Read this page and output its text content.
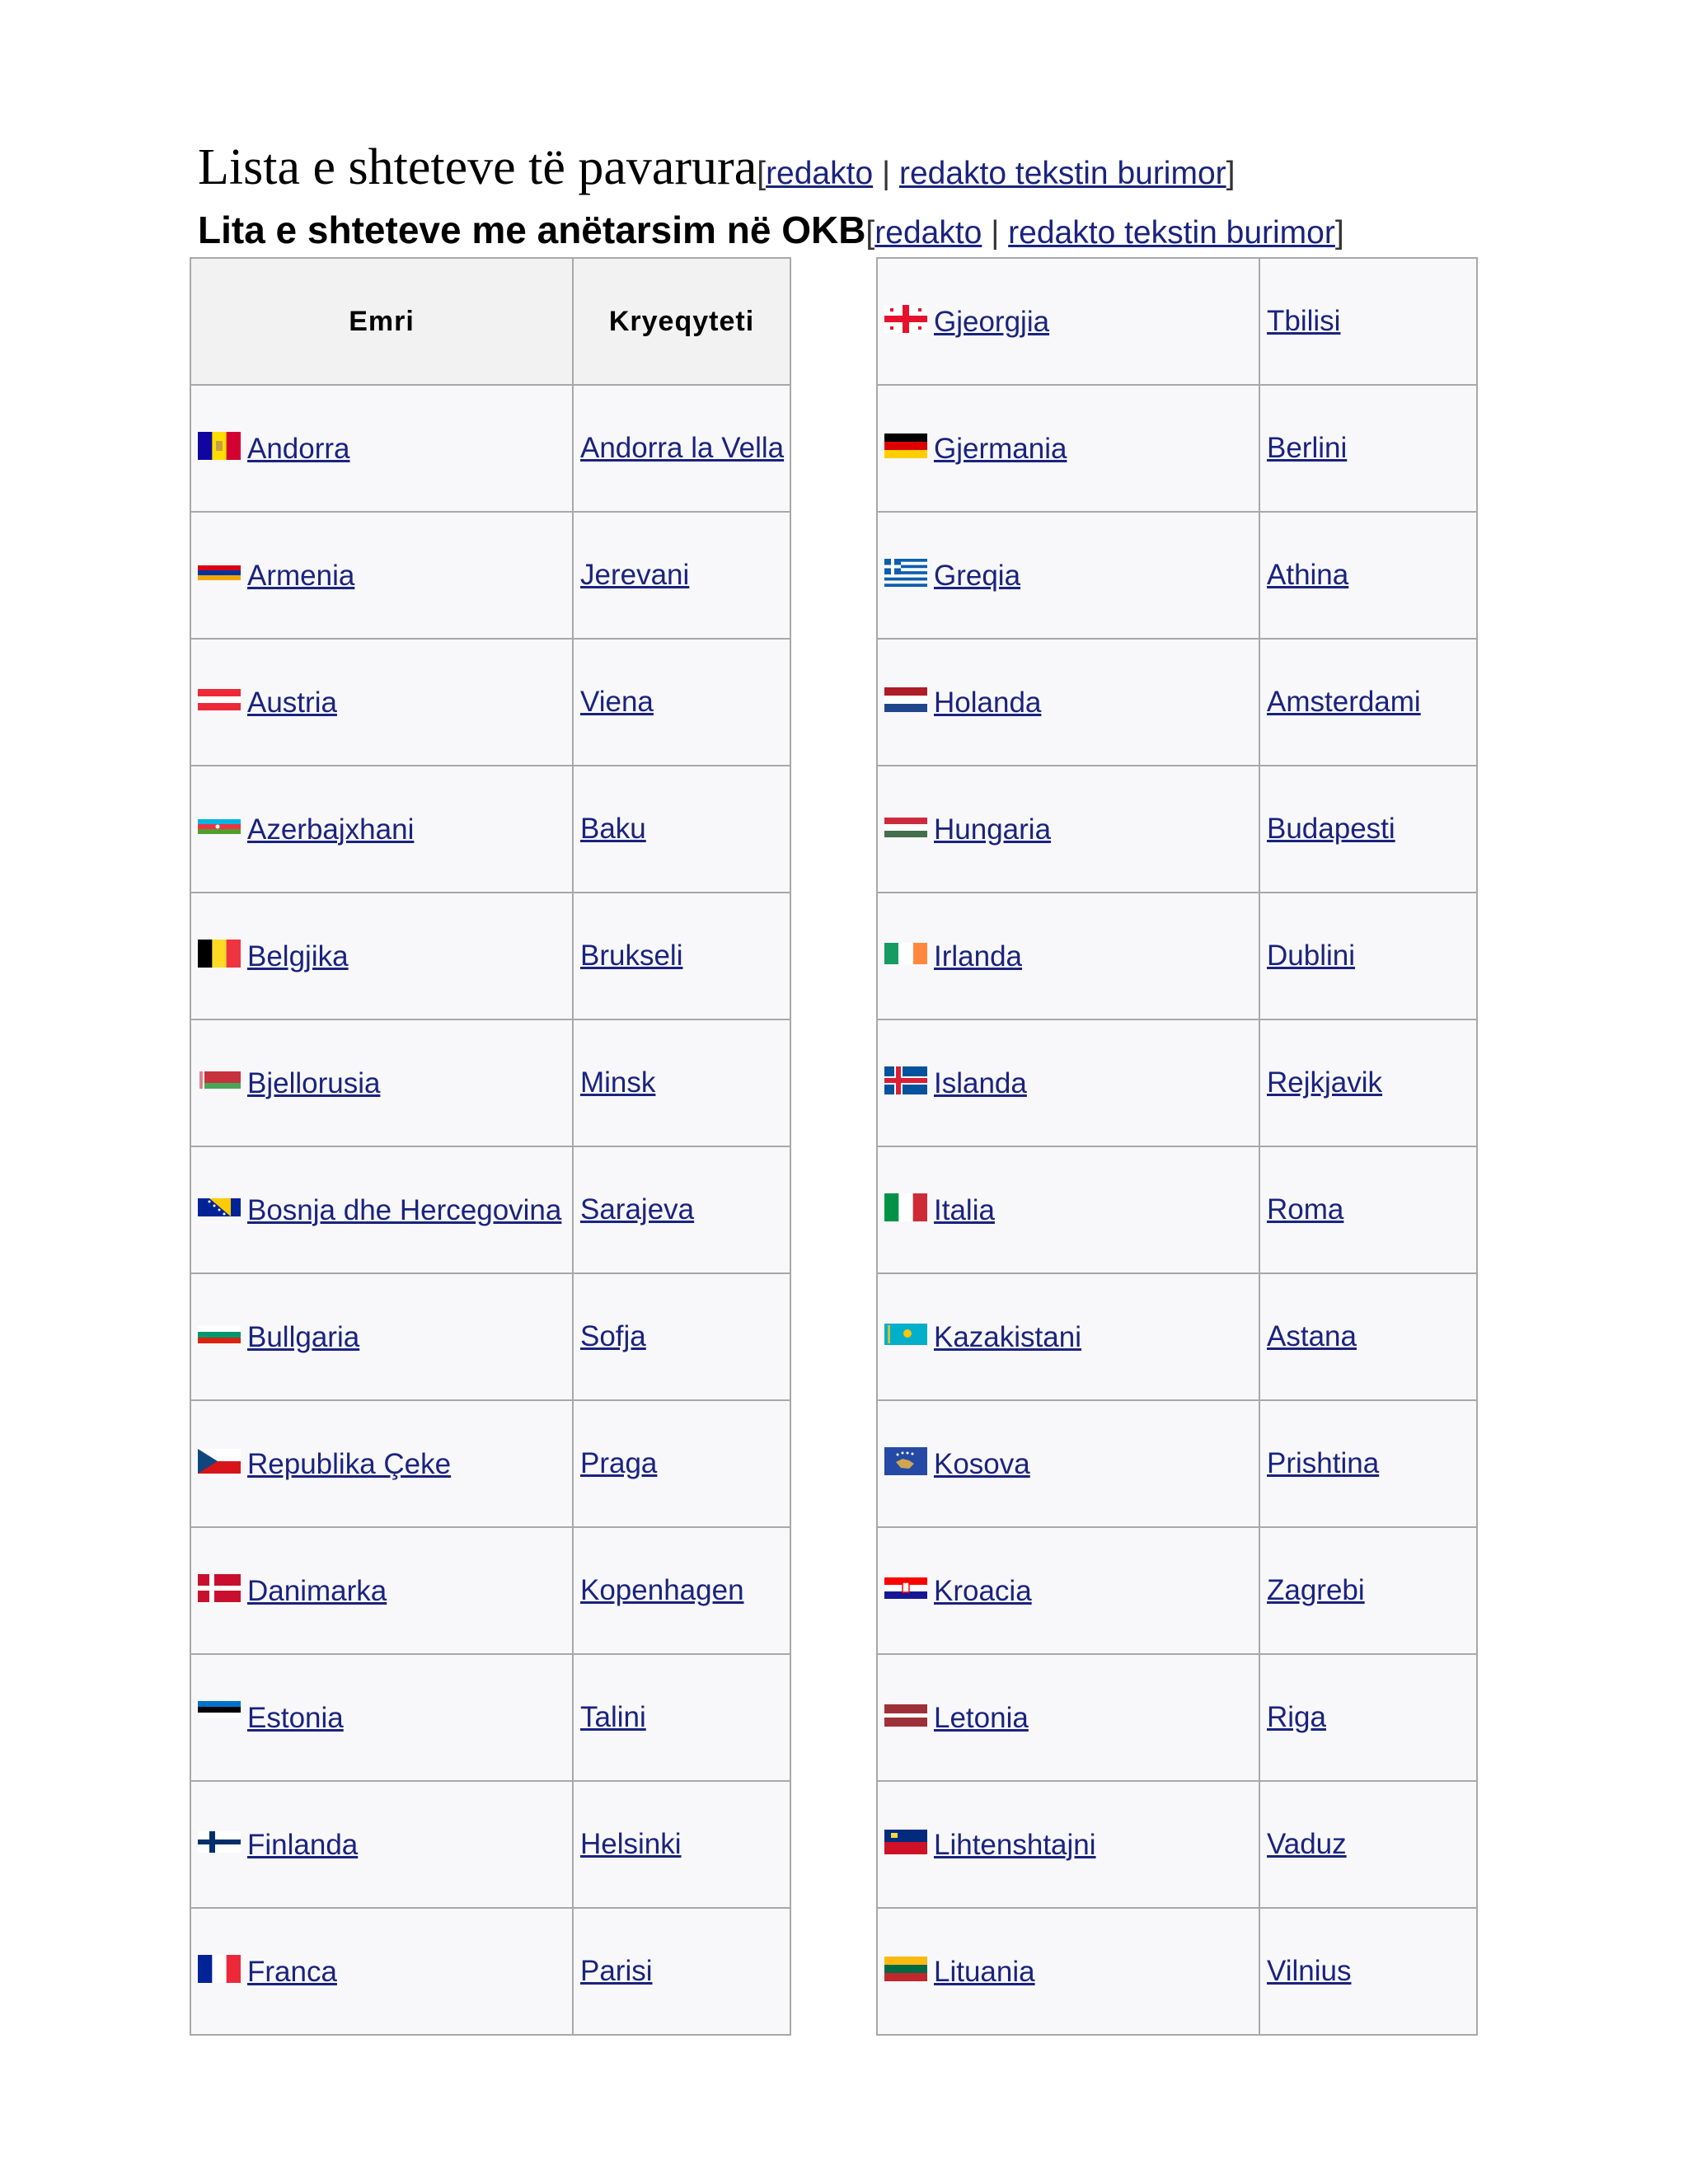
Lista e shteteve të pavarura[redakto | redakto tekstin burimor]
Lita e shteteve me anëtarsim në OKB[redakto | redakto tekstin burimor]
Emri	Kryeqyteti

Andorra	Andorra la Vella

Armenia	Jerevani

Austria	Viena

Azerbajxhani	Baku

Belgjika	Brukseli

Bjellorusia	Minsk

Bosnja dhe Hercegovina	Sarajeva

Bullgaria	Sofja

Republika Çeke	Praga

Danimarka	Kopenhagen

Estonia	Talini

Finlanda	Helsinki

Franca	Parisi
Gjeorgjia	Tbilisi

Gjermania	Berlini

Greqia	Athina

Holanda	Amsterdami

Hungaria	Budapesti

Irlanda	Dublini

Islanda	Rejkjavik

Italia	Roma

Kazakistani	Astana

Kosova	Prishtina

Kroacia	Zagrebi

Letonia	Riga

Lihtenshtajni	Vaduz

Lituania	Vilnius
